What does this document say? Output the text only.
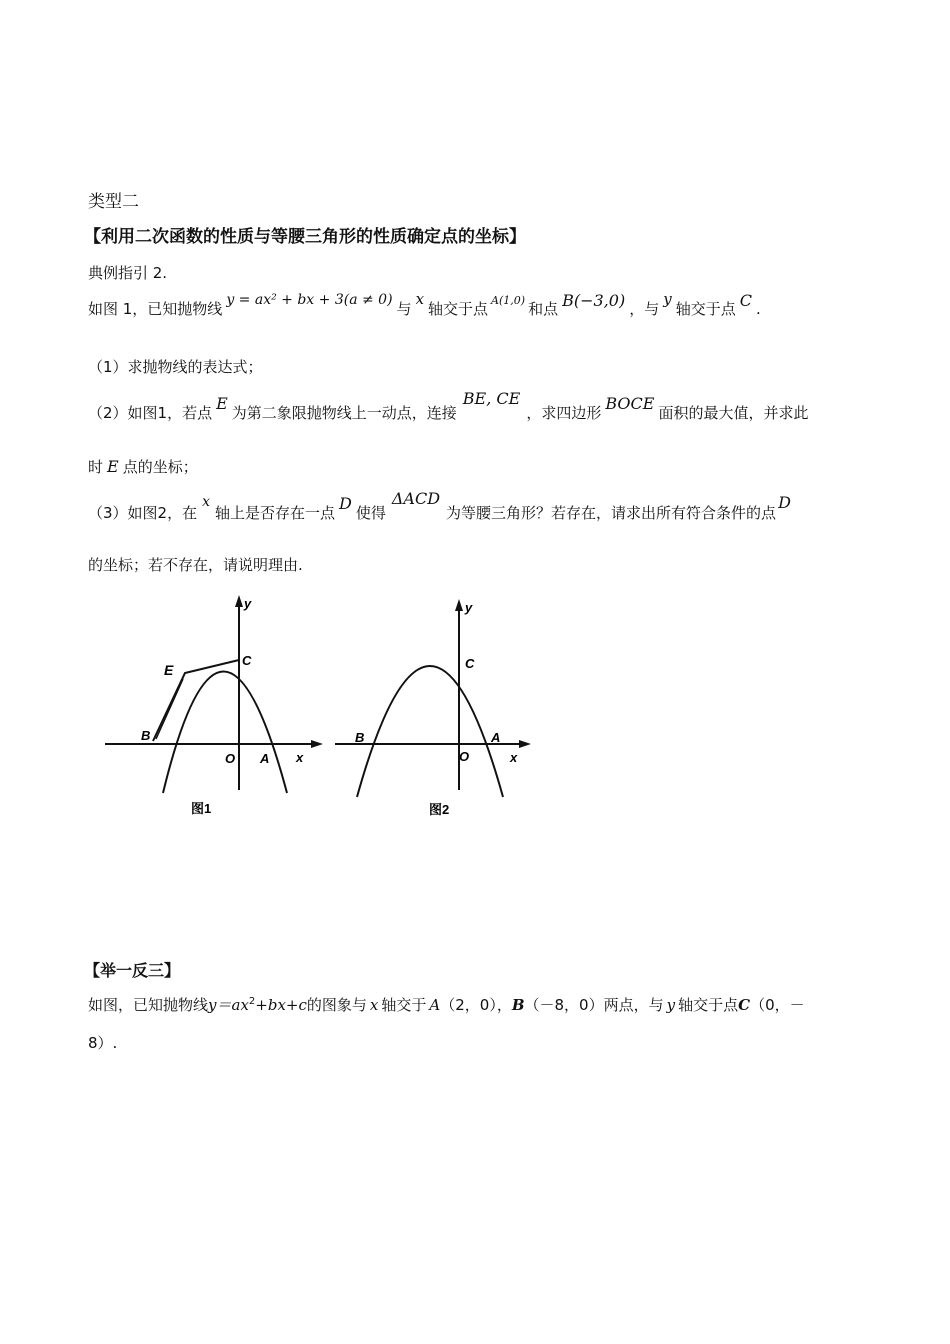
类型二
【利用二次函数的性质与等腰三角形的性质确定点的坐标】
典例指引 2.
如图 1，已知抛物线 y = ax² + bx + 3(a ≠ 0) 与x轴交于点 $^{A(1,0)}$ 和点 B(−3,0) ，与y轴交于点 C .
（1）求抛物线的表达式；
（2）如图1，若点 E 为第二象限抛物线上一动点，连接BE, CE，求四边形 BOCE 面积的最大值，并求此
时 E 点的坐标；
（3）如图2，在x轴上是否存在一点 D 使得ΔACD为等腰三角形？若存在，请求出所有符合条件的点D
的坐标；若不存在，请说明理由.
y
x
O A
B
C
E
图1
y
x
O
A
B
C
图2
【举一反三】
如图，已知抛物线$y=ax^2+bx+c$的图象与 x 轴交于 A（2，0），B（－8，0）两点，与 y 轴交于点C（0，－
8）.
